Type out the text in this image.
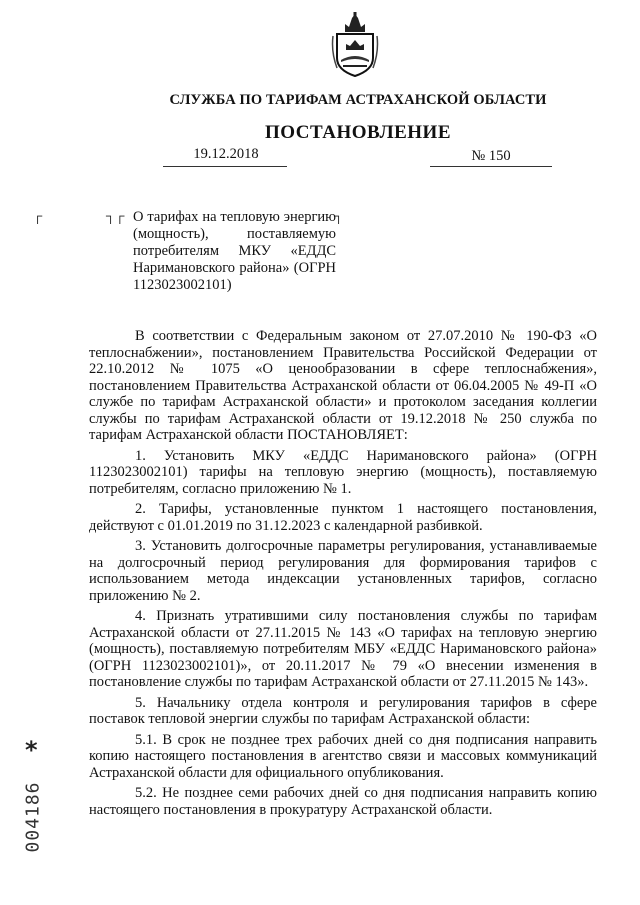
СЛУЖБА ПО ТАРИФАМ АСТРАХАНСКОЙ ОБЛАСТИ
ПОСТАНОВЛЕНИЕ
19.12.2018	№ 150
┌	┐┌	┐
О тарифах на тепловую энергию (мощность), поставляемую потребителям МКУ «ЕДДС Наримановского района» (ОГРН 1123023002101)

В соответствии с Федеральным законом от 27.07.2010 № 190-ФЗ «О теплоснабжении», постановлением Правительства Российской Федерации от 22.10.2012 № 1075 «О ценообразовании в сфере теплоснабжения», постановлением Правительства Астраханской области от 06.04.2005 № 49-П «О службе по тарифам Астраханской области» и протоколом заседания коллегии службы по тарифам Астраханской области от 19.12.2018 № 250 служба по тарифам Астраханской области ПОСТАНОВЛЯЕТ:

1. Установить МКУ «ЕДДС Наримановского района» (ОГРН 1123023002101) тарифы на тепловую энергию (мощность), поставляемую потребителям, согласно приложению № 1.

2. Тарифы, установленные пунктом 1 настоящего постановления, действуют с 01.01.2019 по 31.12.2023 с календарной разбивкой.

3. Установить долгосрочные параметры регулирования, устанавливаемые на долгосрочный период регулирования для формирования тарифов с использованием метода индексации установленных тарифов, согласно приложению № 2.

4. Признать утратившими силу постановления службы по тарифам Астраханской области от 27.11.2015 № 143 «О тарифах на тепловую энергию (мощность), поставляемую потребителям МБУ «ЕДДС Наримановского района» (ОГРН 1123023002101)», от 20.11.2017 № 79 «О внесении изменения в постановление службы по тарифам Астраханской области от 27.11.2015 № 143».

5. Начальнику отдела контроля и регулирования тарифов в сфере поставок тепловой энергии службы по тарифам Астраханской области:

5.1. В срок не позднее трех рабочих дней со дня подписания направить копию настоящего постановления в агентство связи и массовых коммуникаций Астраханской области для официального опубликования.

5.2. Не позднее семи рабочих дней со дня подписания направить копию настоящего постановления в прокуратуру Астраханской области.

*
004186
